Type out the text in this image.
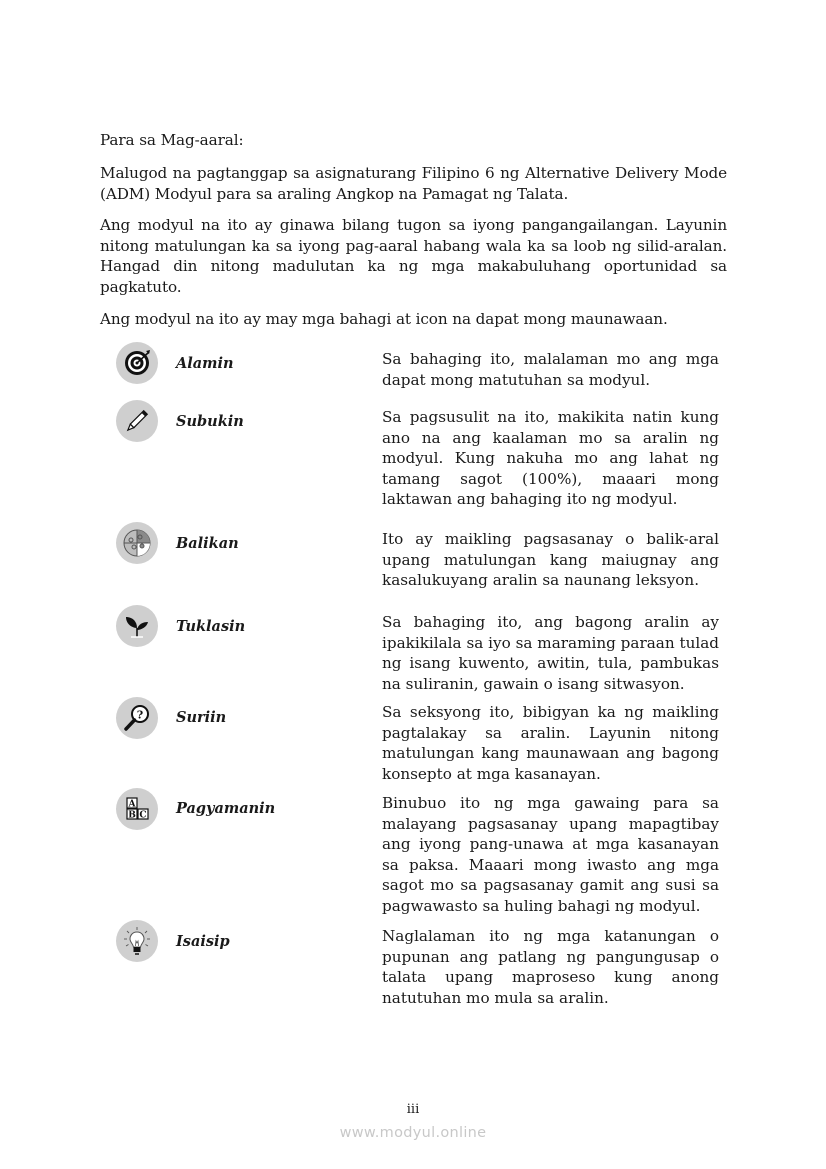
Para sa Mag-aaral:

Malugod na pagtanggap sa asignaturang Filipino 6 ng Alternative Delivery Mode (ADM) Modyul para sa araling Angkop na Pamagat ng Talata.

Ang modyul na ito ay ginawa bilang tugon sa iyong pangangailangan. Layunin nitong matulungan ka sa iyong pag-aaral habang wala ka sa loob ng silid-aralan. Hangad din nitong madulutan ka ng mga makabuluhang oportunidad sa pagkatuto.

Ang modyul na ito ay may mga bahagi at icon na dapat mong maunawaan.

Alamin	Sa bahaging ito, malalaman mo ang mga dapat mong matutuhan sa modyul.

Subukin	Sa pagsusulit na ito, makikita natin kung ano na ang kaalaman mo sa aralin ng modyul. Kung nakuha mo ang lahat ng tamang sagot (100%), maaari mong laktawan ang bahaging ito ng modyul.

Balikan	Ito ay maikling pagsasanay o balik-aral upang matulungan kang maiugnay ang kasalukuyang aralin sa naunang leksyon.

Tuklasin	Sa bahaging ito, ang bagong aralin ay ipakikilala sa iyo sa maraming paraan tulad ng isang kuwento, awitin, tula, pambukas na suliranin, gawain o isang sitwasyon.

? Suriin	Sa seksyong ito, bibigyan ka ng maikling pagtalakay sa aralin. Layunin nitong matulungan kang maunawaan ang bagong konsepto at mga kasanayan.

A
B C Pagyamanin	Binubuo ito ng mga gawaing para sa malayang pagsasanay upang mapagtibay ang iyong pang-unawa at mga kasanayan sa paksa. Maaari mong iwasto ang mga sagot mo sa pagsasanay gamit ang susi sa pagwawasto sa huling bahagi ng modyul.

Isaisip	Naglalaman ito ng mga katanungan o pupunan ang patlang ng pangungusap o talata upang maproseso kung anong natutuhan mo mula sa aralin.

iii
www.modyul.online
